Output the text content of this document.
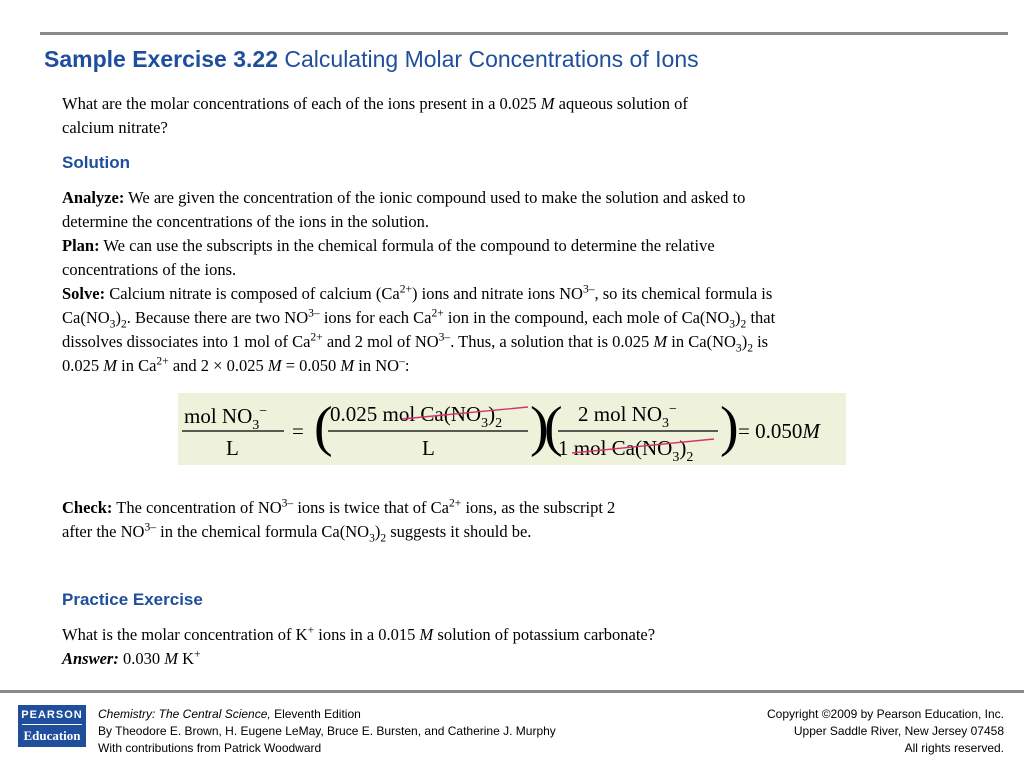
Sample Exercise 3.22 Calculating Molar Concentrations of Ions
What are the molar concentrations of each of the ions present in a 0.025 M aqueous solution of
calcium nitrate?
Solution
Analyze: We are given the concentration of the ionic compound used to make the solution and asked to
determine the concentrations of the ions in the solution.
Plan: We can use the subscripts in the chemical formula of the compound to determine the relative
concentrations of the ions.
Solve: Calcium nitrate is composed of calcium $(Ca^{2+})$ ions and nitrate ions $NO^{3-}$, so its chemical formula is
$Ca(NO_3)_2$. Because there are two $NO^{3-}$ ions for each $Ca^{2+}$ ion in the compound, each mole of $Ca(NO_3)_2$ that
dissolves dissociates into 1 mol of $Ca^{2+}$ and 2 mol of $NO^{3-}$. Thus, a solution that is 0.025 M in $Ca(NO_3)_2$ is
0.025 M in $Ca^{2+}$ and 2 × 0.025 M = 0.050 M in NO–:
mol $NO_3^-$
L
= (
0.025 mol $Ca(NO_3)_2$
L )
( 2 mol $NO_3^-$
1 mol $Ca(NO_3)_2$ ) = 0.050M
Check: The concentration of $NO^{3-}$ ions is twice that of $Ca^{2+}$ ions, as the subscript 2
after the $NO^{3-}$ in the chemical formula $Ca(NO_3)_2$ suggests it should be.
Practice Exercise
What is the molar concentration of K+ ions in a 0.015 M solution of potassium carbonate?
Answer: 0.030 M K+
PEARSON
Education
Chemistry: The Central Science, Eleventh Edition
By Theodore E. Brown, H. Eugene LeMay, Bruce E. Bursten, and Catherine J. Murphy
With contributions from Patrick Woodward
Copyright ©2009 by Pearson Education, Inc.
Upper Saddle River, New Jersey 07458
All rights reserved.
